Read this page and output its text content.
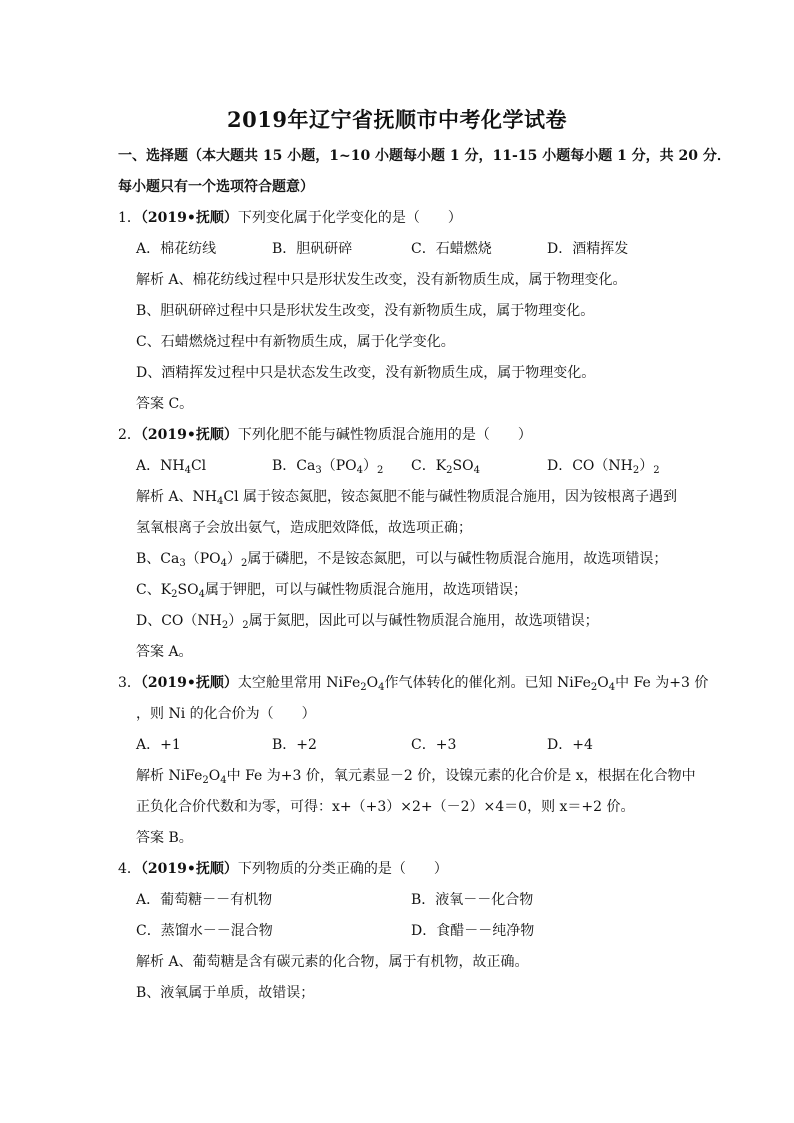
2019年辽宁省抚顺市中考化学试卷
一、选择题（本大题共 15 小题，1~10 小题每小题 1 分，11-15 小题每小题 1 分，共 20 分．
每小题只有一个选项符合题意）
1．（2019•抚顺）下列变化属于化学变化的是（　　）
A．棉花纺线	B．胆矾研碎	C．石蜡燃烧	D．酒精挥发
解析 A、棉花纺线过程中只是形状发生改变，没有新物质生成，属于物理变化。
B、胆矾研碎过程中只是形状发生改变，没有新物质生成，属于物理变化。
C、石蜡燃烧过程中有新物质生成，属于化学变化。
D、酒精挥发过程中只是状态发生改变，没有新物质生成，属于物理变化。
答案 C。
2．（2019•抚顺）下列化肥不能与碱性物质混合施用的是（　　）
A．$NH_4Cl$	B．$Ca_3(PO_4)_2$ C．$K_2SO_4$	D．$CO(NH_2)_2$
解析 A、$NH_4Cl$ 属于铵态氮肥，铵态氮肥不能与碱性物质混合施用，因为铵根离子遇到
氢氧根离子会放出氨气，造成肥效降低，故选项正确；
B、$Ca_3(PO_4)_2$属于磷肥，不是铵态氮肥，可以与碱性物质混合施用，故选项错误；
C、$K_2SO_4$属于钾肥，可以与碱性物质混合施用，故选项错误；
D、$CO(NH_2)_2$属于氮肥，因此可以与碱性物质混合施用，故选项错误；
答案 A。
3．（2019•抚顺）太空舱里常用 $NiFe_2O_4$作气体转化的催化剂。已知 $NiFe_2O_4$中 Fe 为+3 价
，则 Ni 的化合价为（　　）
A．+1	B．+2	C．+3	D．+4
解析 $NiFe_2O_4$中 Fe 为+3 价，氧元素显－2 价，设镍元素的化合价是 x，根据在化合物中
正负化合价代数和为零，可得：x+（+3）×2+（－2）×4＝0，则 x＝+2 价。
答案 B。
4．（2019•抚顺）下列物质的分类正确的是（　　）
A．葡萄糖－－有机物	B．液氧－－化合物
C．蒸馏水－－混合物	D．食醋－－纯净物
解析 A、葡萄糖是含有碳元素的化合物，属于有机物，故正确。
B、液氧属于单质，故错误；
